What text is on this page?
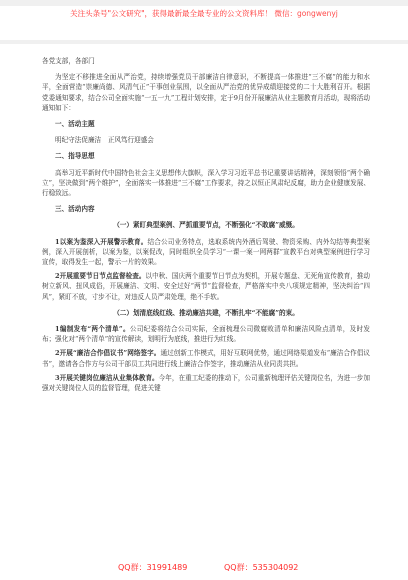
关注头条号"公文研究"，获得最新最全最专业的公文资料库！ 微信：gongwenyj

各党支部，各部门

为坚定不移推进全面从严治党，持续增强党员干部廉洁自律意识，不断提高一体推进“三不腐”的能力和水平，全面营造“崇廉尚德、风清气正”干事创业氛围，以全面从严治党的优异成绩迎接党的二十大胜利召开。根据党委通知要求，结合公司全面实施“一五一九”工程计划安排，定于9月份开展廉洁从业主题教育月活动，现将活动通知如下：

一、活动主题

明纪守法促廉洁　正风笃行迎盛会

二、指导思想

高举习近平新时代中国特色社会主义思想伟大旗帜，深入学习习近平总书记重要讲话精神，深刻领悟“两个确立”，坚决做到“两个维护”，全面落实一体推进“三不腐”工作要求，持之以恒正风肃纪反腐，助力企业健康发展、行稳致远。

三、活动内容

（一）紧盯典型案例、严抓重要节点，不断强化“不敢腐”威慑。

1以案为鉴深入开展警示教育。结合公司业务特点，选取系统内外酒后驾驶、物资采购、内外勾结等典型案例，深入开展剖析，以案为鉴，以案促改，同时组织全员学习“一课一案一网两群”宣教平台对典型案例进行学习宣传，取得发生一起，警示一片的效果。

2开展重要节日节点监督检查。以中秋、国庆两个重要节日节点为契机，开展专题盘、无死角宣传教育，推动树立新风、扭风成俗，开展廉洁、文明、安全过好“两节”监督检查，严格落实中央八项规定精神，坚决纠治“四风”，紧盯不放，寸步不让，对违反人员严肃处理，绝不手软。

（二）划清底线红线、推动廉洁共建，不断扎牢“不能腐”的束。

1编制发布“两个清单”。公司纪委将结合公司实际，全面梳理公司微腐败清单和廉洁风险点清单，及时发布；强化对“两个清单”的宣传解读，划明行为底线，推进行为红线。

2开展“廉洁合作倡议书”网络签字。通过创新工作模式，用好互联网优势，通过网络渠道发布“廉洁合作倡议书”，邀请各合作方与公司干部员工共同进行线上廉洁合作签字，推动廉洁从业同责共担。

3开展关键岗位廉洁从业集体教育。今年，在重工纪委的推动下，公司重新梳理评估关键岗位名，为进一步加强对关键岗位人员的监督管理，促进关键

QQ群：31991489	QQ群：535304092
